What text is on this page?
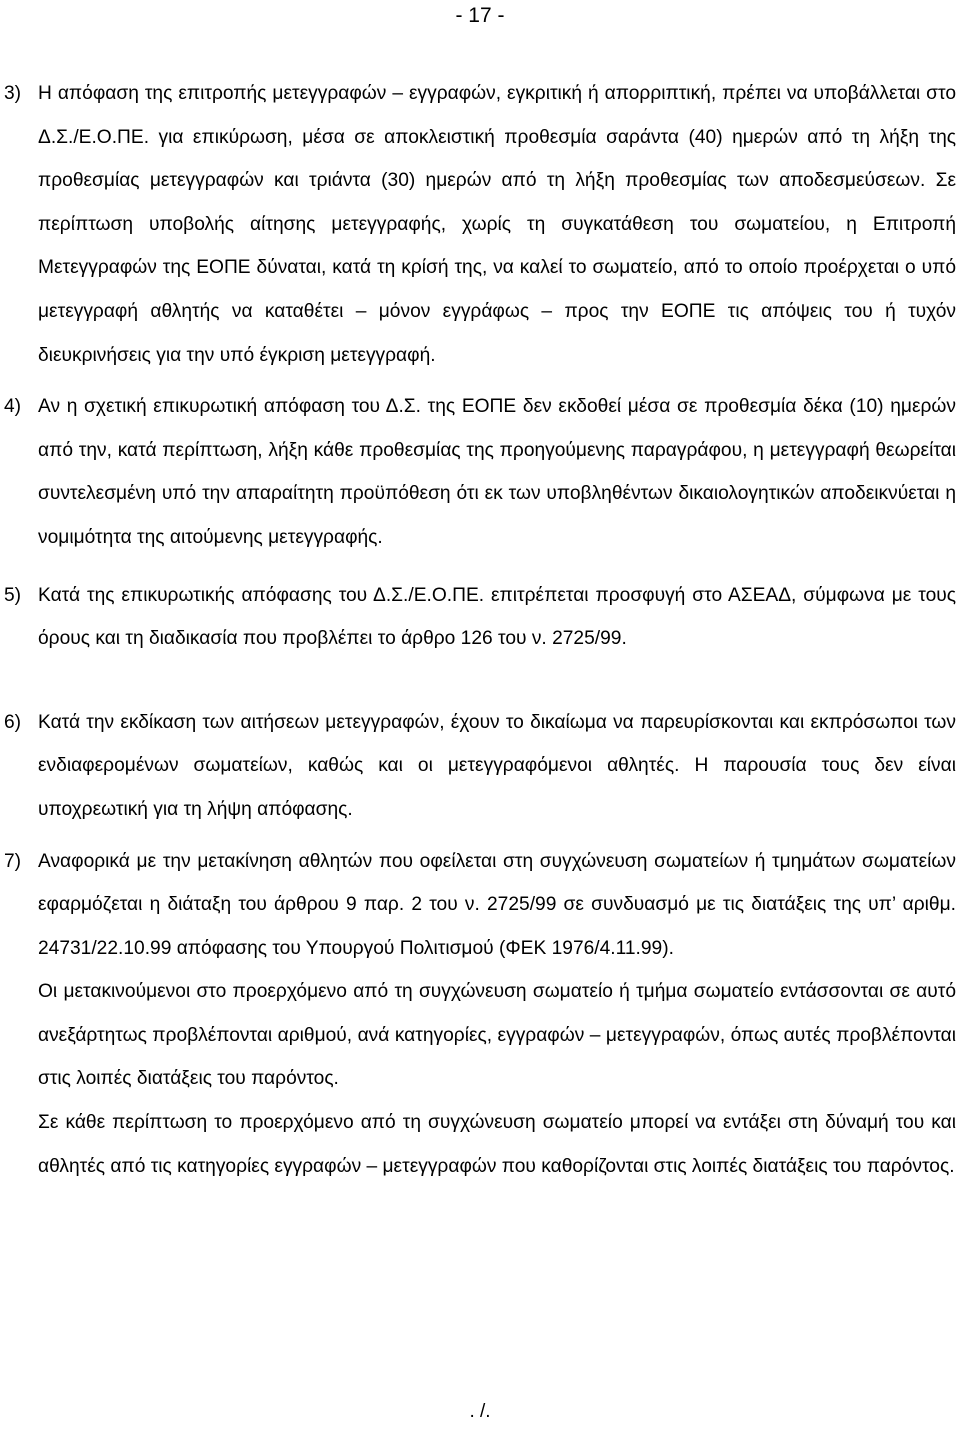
- 17 -

3) Η απόφαση της επιτροπής μετεγγραφών – εγγραφών, εγκριτική ή απορριπτική, πρέπει να υποβάλλεται στο Δ.Σ./Ε.Ο.ΠΕ. για επικύρωση, μέσα σε αποκλειστική προθεσμία σαράντα (40) ημερών από τη λήξη της προθεσμίας μετεγγραφών και τριάντα (30) ημερών από τη λήξη προθεσμίας των αποδεσμεύσεων. Σε περίπτωση υποβολής αίτησης μετεγγραφής, χωρίς τη συγκατάθεση του σωματείου, η Επιτροπή Μετεγγραφών της ΕΟΠΕ δύναται, κατά τη κρίσή της, να καλεί το σωματείο, από το οποίο προέρχεται ο υπό μετεγγραφή αθλητής να καταθέτει – μόνον εγγράφως – προς την ΕΟΠΕ τις απόψεις του ή τυχόν διευκρινήσεις για την υπό έγκριση μετεγγραφή.

4) Αν η σχετική επικυρωτική απόφαση του Δ.Σ. της ΕΟΠΕ δεν εκδοθεί μέσα σε προθεσμία δέκα (10) ημερών από την, κατά περίπτωση, λήξη κάθε προθεσμίας της προηγούμενης παραγράφου, η μετεγγραφή θεωρείται συντελεσμένη υπό την απαραίτητη προϋπόθεση ότι εκ των υποβληθέντων δικαιολογητικών αποδεικνύεται η νομιμότητα της αιτούμενης μετεγγραφής.

5) Κατά της επικυρωτικής απόφασης του Δ.Σ./Ε.Ο.ΠΕ. επιτρέπεται προσφυγή στο ΑΣΕΑΔ, σύμφωνα με τους όρους και τη διαδικασία που προβλέπει το άρθρο 126 του ν. 2725/99.

6) Κατά την εκδίκαση των αιτήσεων μετεγγραφών, έχουν το δικαίωμα να παρευρίσκονται και εκπρόσωποι των ενδιαφερομένων σωματείων, καθώς και οι μετεγγραφόμενοι αθλητές. Η παρουσία τους δεν είναι υποχρεωτική για τη λήψη απόφασης.

7) Αναφορικά με την μετακίνηση αθλητών που οφείλεται στη συγχώνευση σωματείων ή τμημάτων σωματείων εφαρμόζεται η διάταξη του άρθρου 9 παρ. 2 του ν. 2725/99 σε συνδυασμό με τις διατάξεις της υπ’ αριθμ. 24731/22.10.99 απόφασης του Υπουργού Πολιτισμού (ΦΕΚ 1976/4.11.99).

Οι μετακινούμενοι στο προερχόμενο από τη συγχώνευση σωματείο ή τμήμα σωματείο εντάσσονται σε αυτό ανεξάρτητως προβλέπονται αριθμού, ανά κατηγορίες, εγγραφών – μετεγγραφών, όπως αυτές προβλέπονται στις λοιπές διατάξεις του παρόντος.

Σε κάθε περίπτωση το προερχόμενο από τη συγχώνευση σωματείο μπορεί να εντάξει στη δύναμή του και αθλητές από τις κατηγορίες εγγραφών – μετεγγραφών που καθορίζονται στις λοιπές διατάξεις του παρόντος.

. /.
